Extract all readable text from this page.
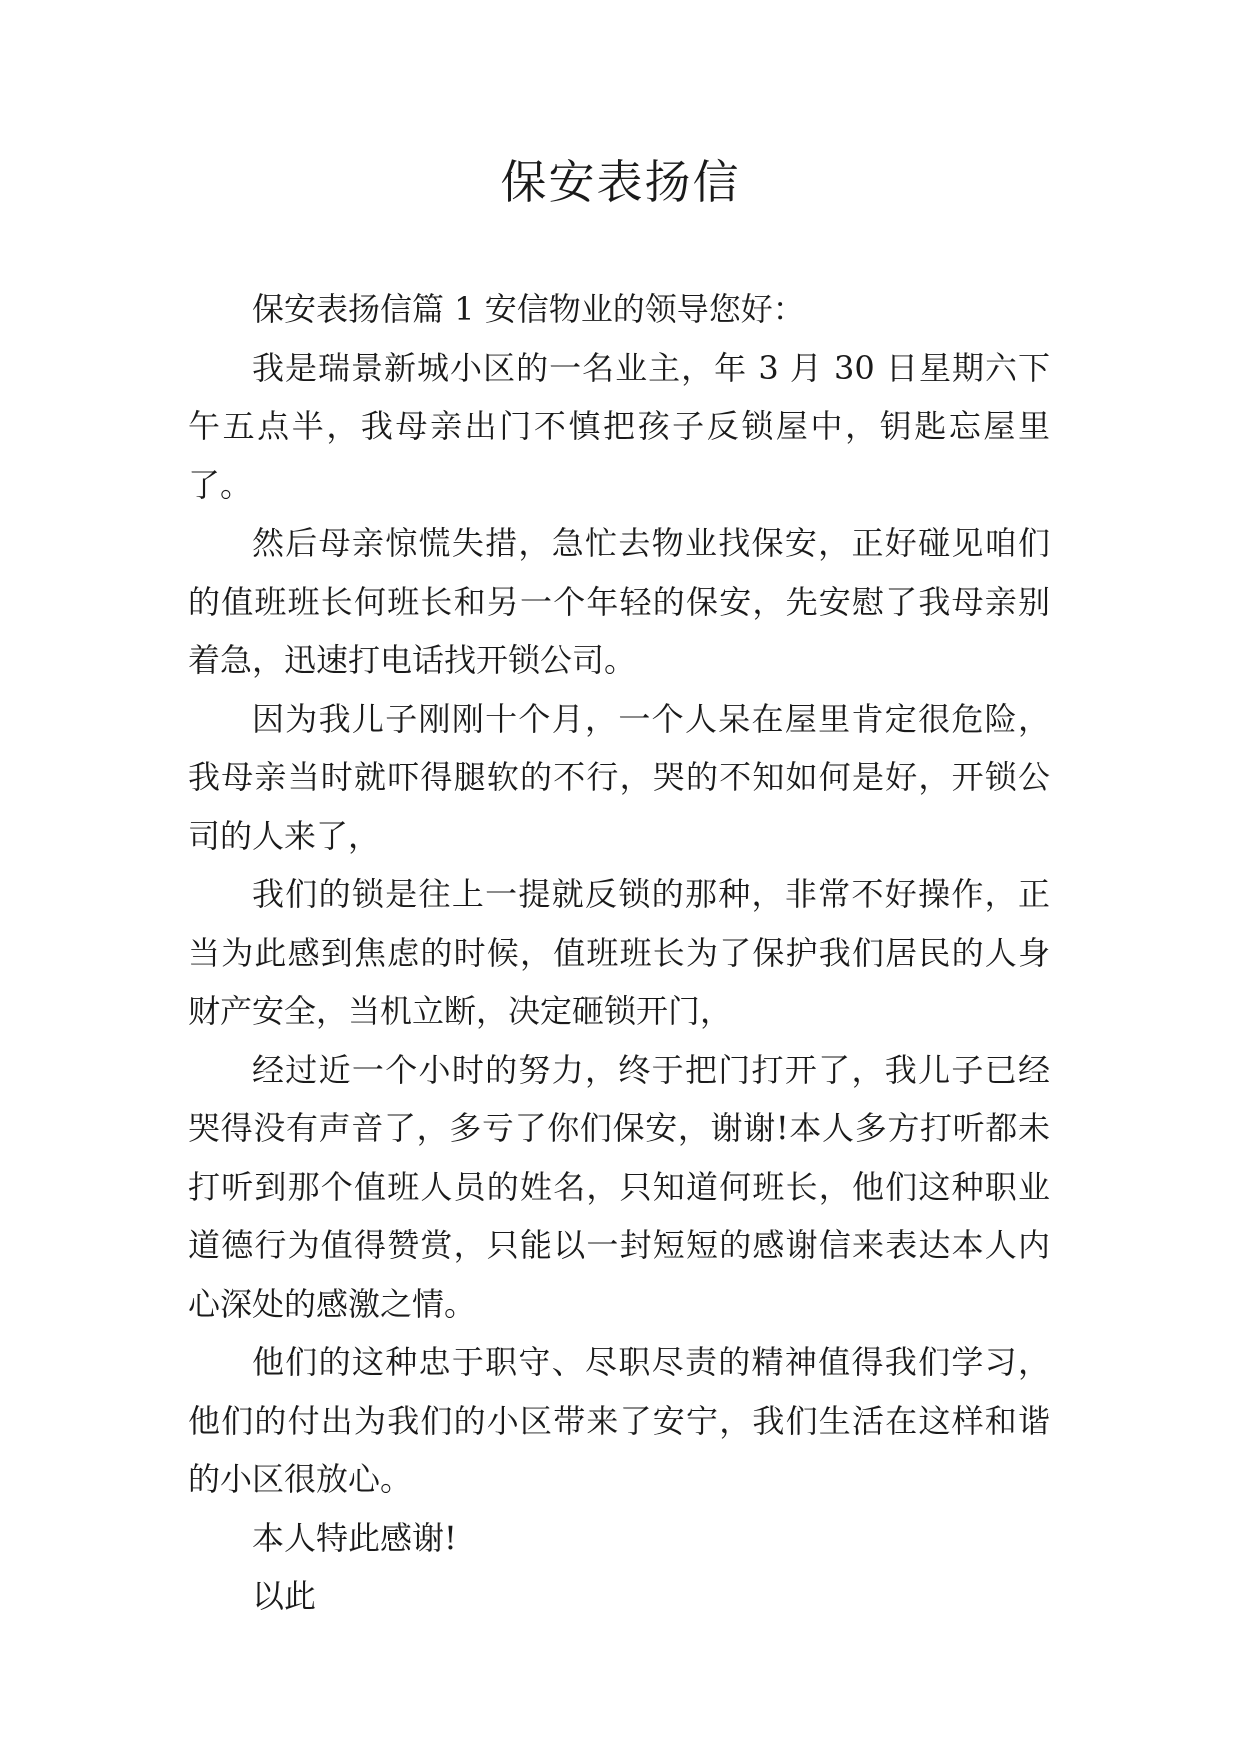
保安表扬信

保安表扬信篇 1 安信物业的领导您好：

我是瑞景新城小区的一名业主，年 3 月 30 日星期六下午五点半，我母亲出门不慎把孩子反锁屋中，钥匙忘屋里了。

然后母亲惊慌失措，急忙去物业找保安，正好碰见咱们的值班班长何班长和另一个年轻的保安，先安慰了我母亲别着急，迅速打电话找开锁公司。

因为我儿子刚刚十个月，一个人呆在屋里肯定很危险，我母亲当时就吓得腿软的不行，哭的不知如何是好，开锁公司的人来了，

我们的锁是往上一提就反锁的那种，非常不好操作，正当为此感到焦虑的时候，值班班长为了保护我们居民的人身财产安全，当机立断，决定砸锁开门，

经过近一个小时的努力，终于把门打开了，我儿子已经哭得没有声音了，多亏了你们保安，谢谢!本人多方打听都未打听到那个值班人员的姓名，只知道何班长，他们这种职业道德行为值得赞赏，只能以一封短短的感谢信来表达本人内心深处的感激之情。

他们的这种忠于职守、尽职尽责的精神值得我们学习，他们的付出为我们的小区带来了安宁，我们生活在这样和谐的小区很放心。

本人特此感谢!

以此
